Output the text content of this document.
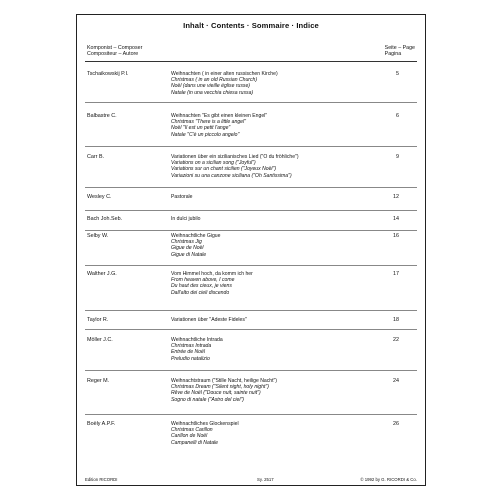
Inhalt · Contents · Sommaire · Indice
Komponist – Composer
Compositeur – Autore
Seite – Page
Pagina
Tschaikowskij P.I.	Weihnachten ( in einer alten russischen Kirche)
Christmas ( in an old Russian Church)
Noël (dans une vieille église russe)
Natale (in una vecchia chiesa russa)
5
Balbastre C.	Weihnachten "Es gibt einen kleinen Engel"
Christmas "There is a little angel"
Noël "Il est un petit l'ange"
Natale "C'è un piccolo angelo"
6
Carr B.	Variationen über ein sizilianisches Lied ("O du fröhliche")
Variations on a sicilian song ("Joyful")
Variations sur un chant sicilien ("Joyeux Noël")
Variazioni su una canzone siciliana ("Oh Santissima")
9
Wesley C.	Pastorale	12
Bach Joh.Seb.	In dulci jubilo	14
Selby W.	Weihnachtliche Gigue
Christmas Jig
Gigue de Noël
Gigue di Natale
16
Walther J.G.	Vom Himmel hoch, da komm ich her
From heaven above, I come
Du haut des cieux, je viens
Dall'alto dei cieli discendo
17
Taylor R.	Variationen über "Adeste Fideles"	18
Möller J.C.	Weihnachtliche Intrada
Christmas Intrada
Entrée de Noël
Preludio natalizio
22
Reger M.	Weihnachtstraum ("Stille Nacht, heilige Nacht")
Christmas Dream ("Silent night, holy night")
Rêve de Noël ("Douce nuit, sainte nuit")
Sogno di natale ("Astro del ciel")
24
Boëly A.P.F.	Weihnachtliches Glockenspiel
Christmas Carillon
Carillon de Noël
Campanelli di Natale
26
Edition RICORDI	Sy. 2517	© 1992 by G. RICORDI & Co.
